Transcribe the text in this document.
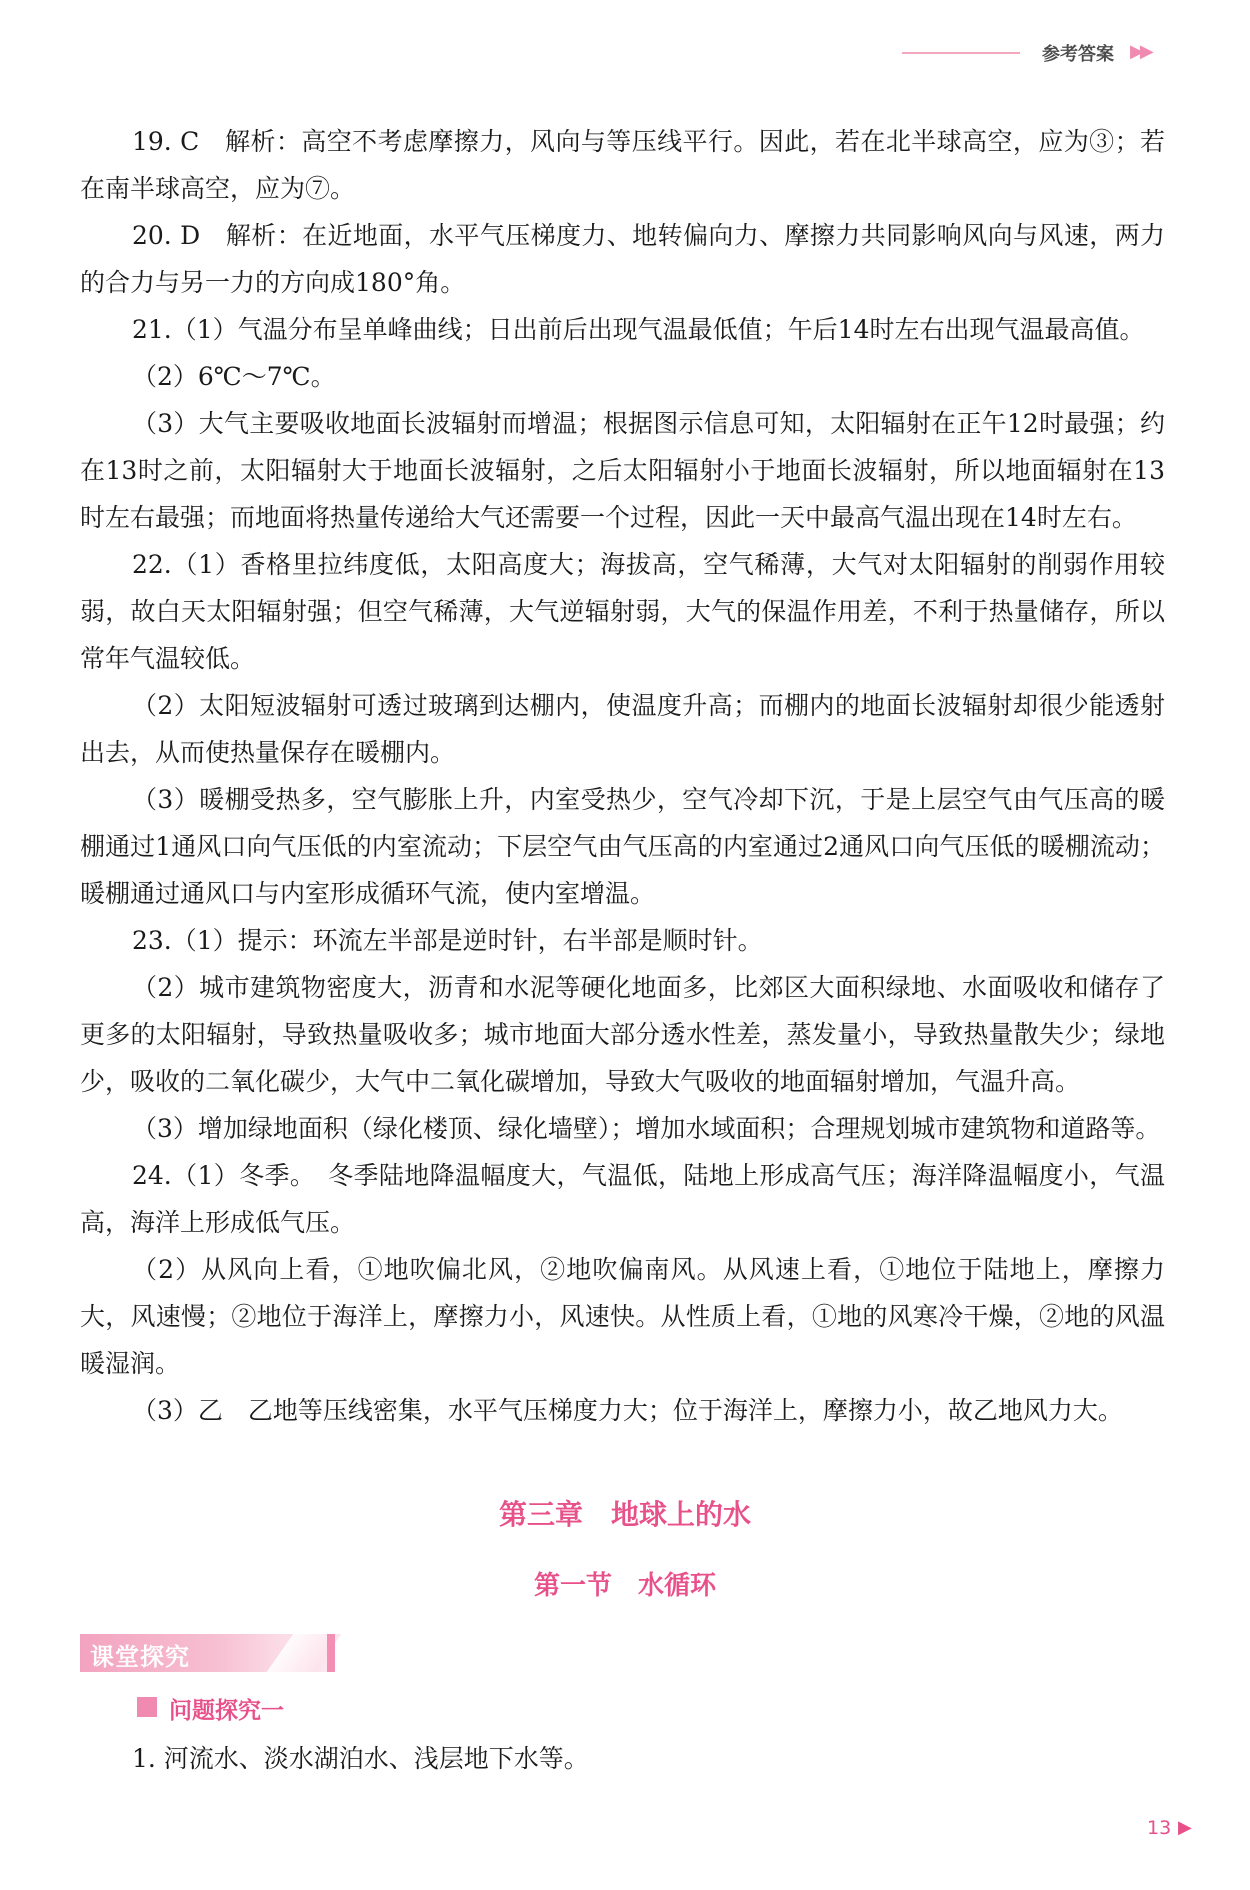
参考答案 ▶▶

19. C　解析：高空不考虑摩擦力，风向与等压线平行。因此，若在北半球高空，应为③；若在南半球高空，应为⑦。

20. D　解析：在近地面，水平气压梯度力、地转偏向力、摩擦力共同影响风向与风速，两力的合力与另一力的方向成180°角。

21.（1）气温分布呈单峰曲线；日出前后出现气温最低值；午后14时左右出现气温最高值。

（2）6℃～7℃。

（3）大气主要吸收地面长波辐射而增温；根据图示信息可知，太阳辐射在正午12时最强；约在13时之前，太阳辐射大于地面长波辐射，之后太阳辐射小于地面长波辐射，所以地面辐射在13时左右最强；而地面将热量传递给大气还需要一个过程，因此一天中最高气温出现在14时左右。

22.（1）香格里拉纬度低，太阳高度大；海拔高，空气稀薄，大气对太阳辐射的削弱作用较弱，故白天太阳辐射强；但空气稀薄，大气逆辐射弱，大气的保温作用差，不利于热量储存，所以常年气温较低。

（2）太阳短波辐射可透过玻璃到达棚内，使温度升高；而棚内的地面长波辐射却很少能透射出去，从而使热量保存在暖棚内。

（3）暖棚受热多，空气膨胀上升，内室受热少，空气冷却下沉，于是上层空气由气压高的暖棚通过1通风口向气压低的内室流动；下层空气由气压高的内室通过2通风口向气压低的暖棚流动；暖棚通过通风口与内室形成循环气流，使内室增温。

23.（1）提示：环流左半部是逆时针，右半部是顺时针。

（2）城市建筑物密度大，沥青和水泥等硬化地面多，比郊区大面积绿地、水面吸收和储存了更多的太阳辐射，导致热量吸收多；城市地面大部分透水性差，蒸发量小，导致热量散失少；绿地少，吸收的二氧化碳少，大气中二氧化碳增加，导致大气吸收的地面辐射增加，气温升高。

（3）增加绿地面积（绿化楼顶、绿化墙壁）；增加水域面积；合理规划城市建筑物和道路等。

24.（1）冬季。　冬季陆地降温幅度大，气温低，陆地上形成高气压；海洋降温幅度小，气温高，海洋上形成低气压。

（2）从风向上看，①地吹偏北风，②地吹偏南风。从风速上看，①地位于陆地上，摩擦力大，风速慢；②地位于海洋上，摩擦力小，风速快。从性质上看，①地的风寒冷干燥，②地的风温暖湿润。

（3）乙　乙地等压线密集，水平气压梯度力大；位于海洋上，摩擦力小，故乙地风力大。

第三章　地球上的水
第一节　水循环
课堂探究
问题探究一
1. 河流水、淡水湖泊水、浅层地下水等。
13 ▶
